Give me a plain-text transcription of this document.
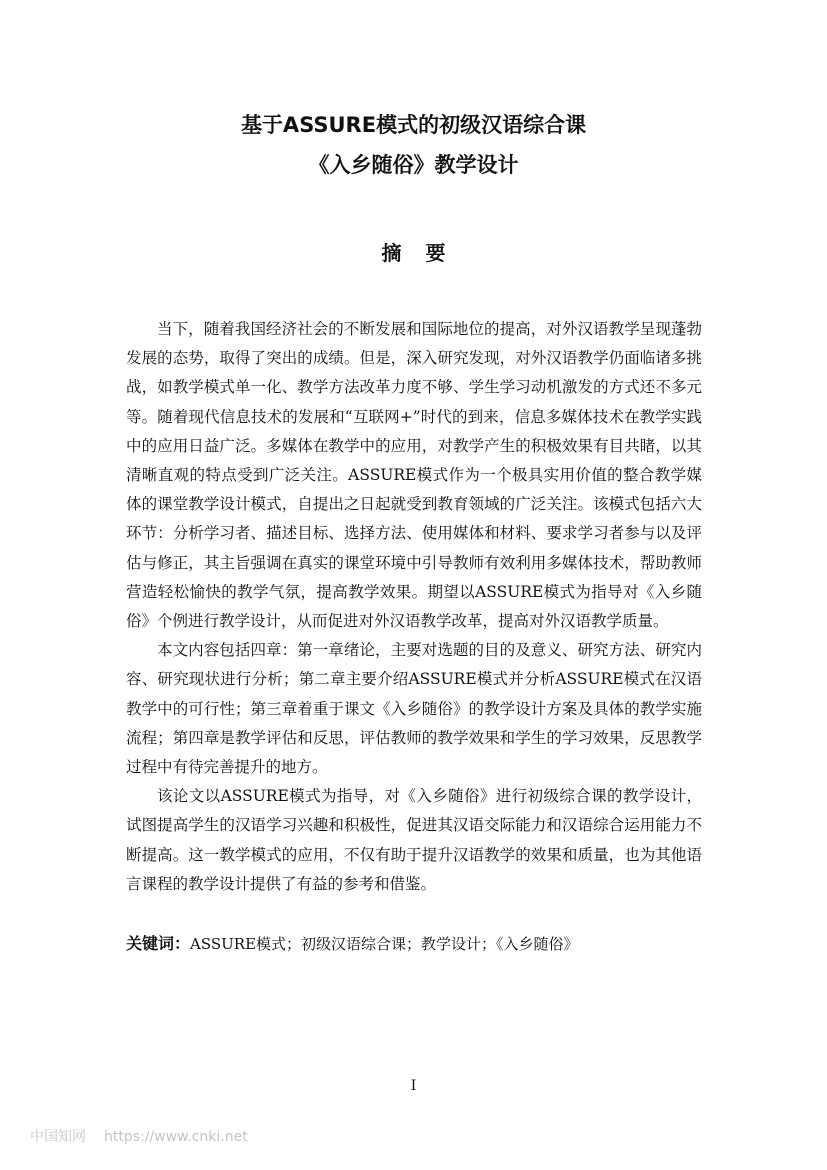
基于ASSURE模式的初级汉语综合课
《入乡随俗》教学设计
摘要

当下，随着我国经济社会的不断发展和国际地位的提高，对外汉语教学呈现蓬勃发展的态势，取得了突出的成绩。但是，深入研究发现，对外汉语教学仍面临诸多挑战，如教学模式单一化、教学方法改革力度不够、学生学习动机激发的方式还不多元等。随着现代信息技术的发展和“互联网+”时代的到来，信息多媒体技术在教学实践中的应用日益广泛。多媒体在教学中的应用，对教学产生的积极效果有目共睹，以其清晰直观的特点受到广泛关注。ASSURE模式作为一个极具实用价值的整合教学媒体的课堂教学设计模式，自提出之日起就受到教育领域的广泛关注。该模式包括六大环节：分析学习者、描述目标、选择方法、使用媒体和材料、要求学习者参与以及评估与修正，其主旨强调在真实的课堂环境中引导教师有效利用多媒体技术，帮助教师营造轻松愉快的教学气氛，提高教学效果。期望以ASSURE模式为指导对《入乡随俗》个例进行教学设计，从而促进对外汉语教学改革，提高对外汉语教学质量。

本文内容包括四章：第一章绪论，主要对选题的目的及意义、研究方法、研究内容、研究现状进行分析；第二章主要介绍ASSURE模式并分析ASSURE模式在汉语教学中的可行性；第三章着重于课文《入乡随俗》的教学设计方案及具体的教学实施流程；第四章是教学评估和反思，评估教师的教学效果和学生的学习效果，反思教学过程中有待完善提升的地方。

该论文以ASSURE模式为指导，对《入乡随俗》进行初级综合课的教学设计，试图提高学生的汉语学习兴趣和积极性，促进其汉语交际能力和汉语综合运用能力不断提高。这一教学模式的应用，不仅有助于提升汉语教学的效果和质量，也为其他语言课程的教学设计提供了有益的参考和借鉴。

关键词：ASSURE模式；初级汉语综合课；教学设计；《入乡随俗》
I
中国知网 https://www.cnki.net
